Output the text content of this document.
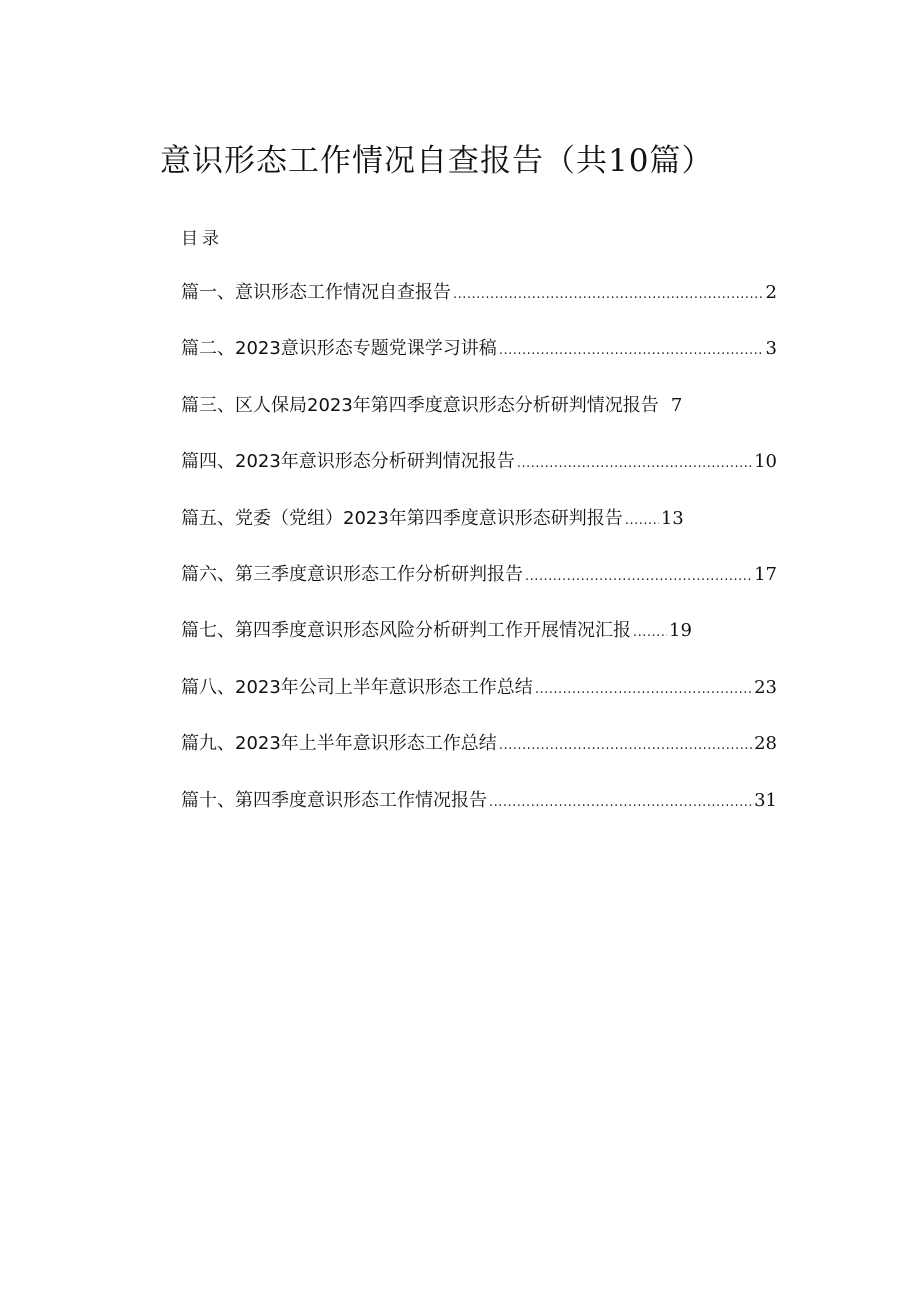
意识形态工作情况自查报告（共10篇）
目录
篇一、意识形态工作情况自查报告 .....	2
篇二、2023意识形态专题党课学习讲稿 .....	3
篇三、区人保局2023年第四季度意识形态分析研判情况报告 7
篇四、2023年意识形态分析研判情况报告 .....	10
篇五、党委（党组）2023年第四季度意识形态研判报告 ..... 13
篇六、第三季度意识形态工作分析研判报告 .....	17
篇七、第四季度意识形态风险分析研判工作开展情况汇报 ..... 19
篇八、2023年公司上半年意识形态工作总结 .....	23
篇九、2023年上半年意识形态工作总结 .....	28
篇十、第四季度意识形态工作情况报告 .....	31
